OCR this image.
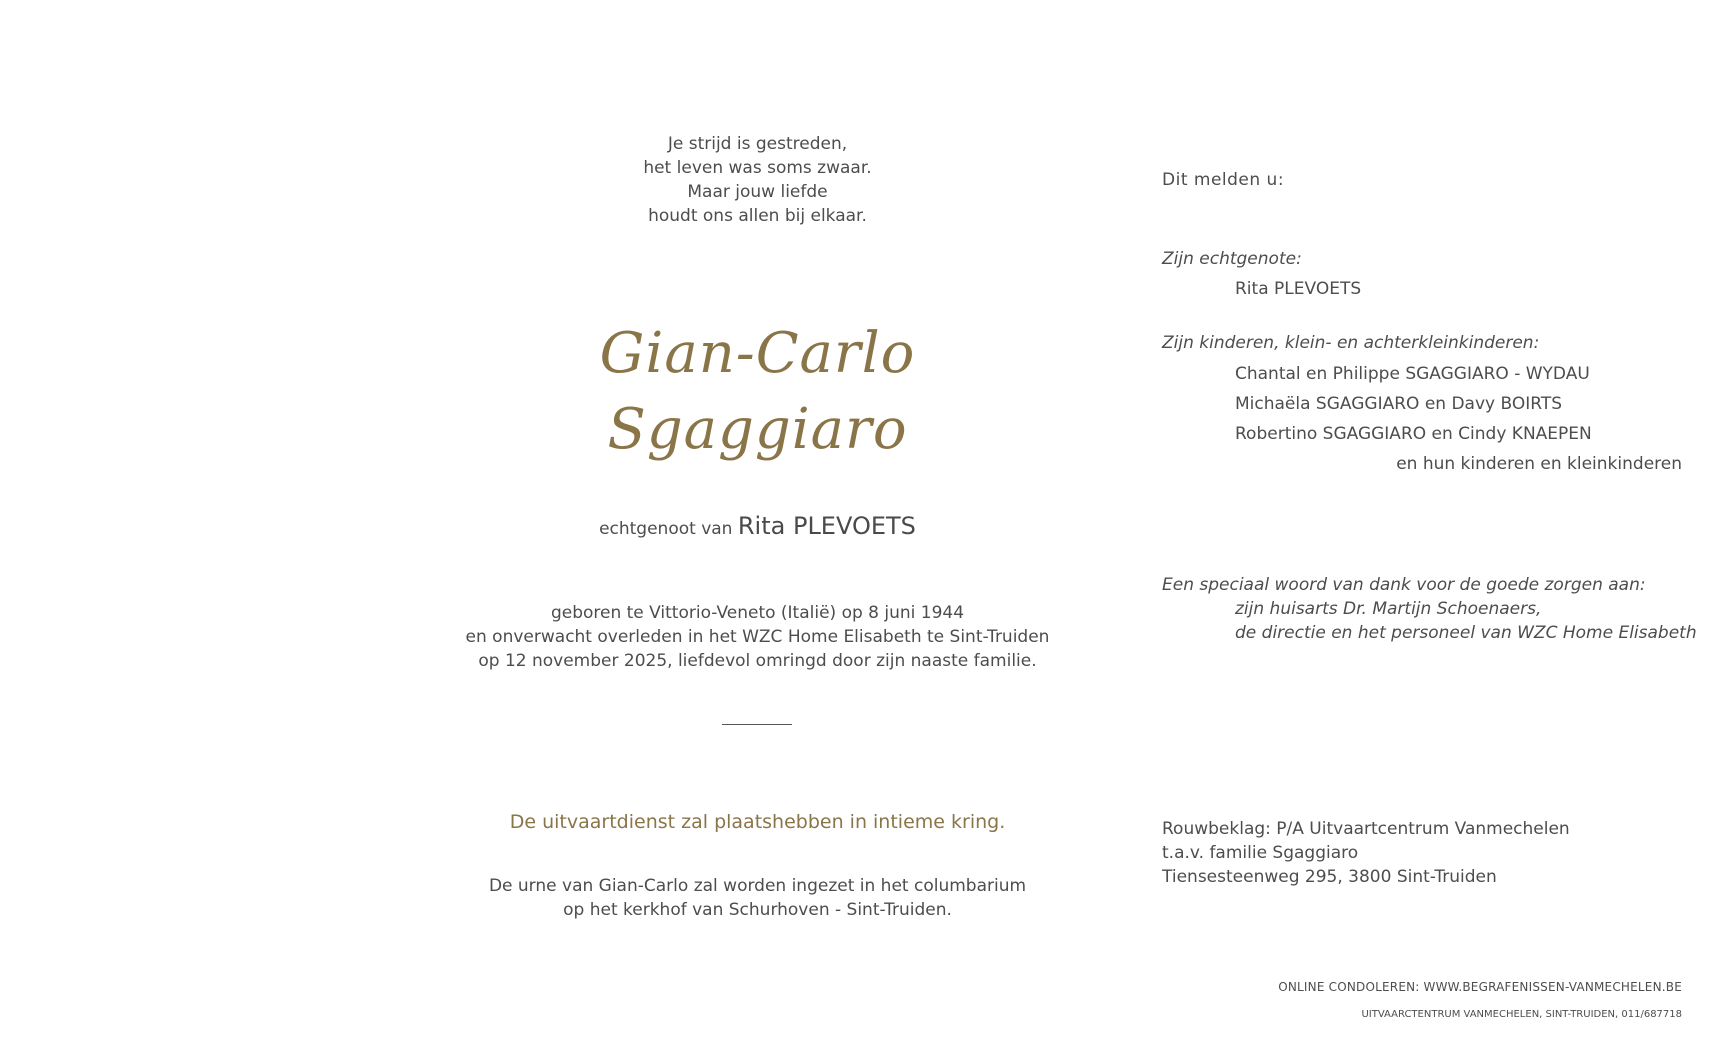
Je strijd is gestreden,
het leven was soms zwaar.
Maar jouw liefde
houdt ons allen bij elkaar.
Gian-Carlo
Sgaggiaro
echtgenoot van Rita PLEVOETS
geboren te Vittorio-Veneto (Italië) op 8 juni 1944
en onverwacht overleden in het WZC Home Elisabeth te Sint-Truiden
op 12 november 2025, liefdevol omringd door zijn naaste familie.
De uitvaartdienst zal plaatshebben in intieme kring.
De urne van Gian-Carlo zal worden ingezet in het columbarium
op het kerkhof van Schurhoven - Sint-Truiden.
Dit melden u:
Zijn echtgenote:
Rita PLEVOETS
Zijn kinderen, klein- en achterkleinkinderen:
Chantal en Philippe SGAGGIARO - WYDAU
Michaëla SGAGGIARO en Davy BOIRTS
Robertino SGAGGIARO en Cindy KNAEPEN
en hun kinderen en kleinkinderen
Een speciaal woord van dank voor de goede zorgen aan:
zijn huisarts Dr. Martijn Schoenaers,
de directie en het personeel van WZC Home Elisabeth
Rouwbeklag: P/A Uitvaartcentrum Vanmechelen
t.a.v. familie Sgaggiaro
Tiensesteenweg 295, 3800 Sint-Truiden
ONLINE CONDOLEREN: WWW.BEGRAFENISSEN-VANMECHELEN.BE
UITVAARCTENTRUM VANMECHELEN, SINT-TRUIDEN, 011/687718
